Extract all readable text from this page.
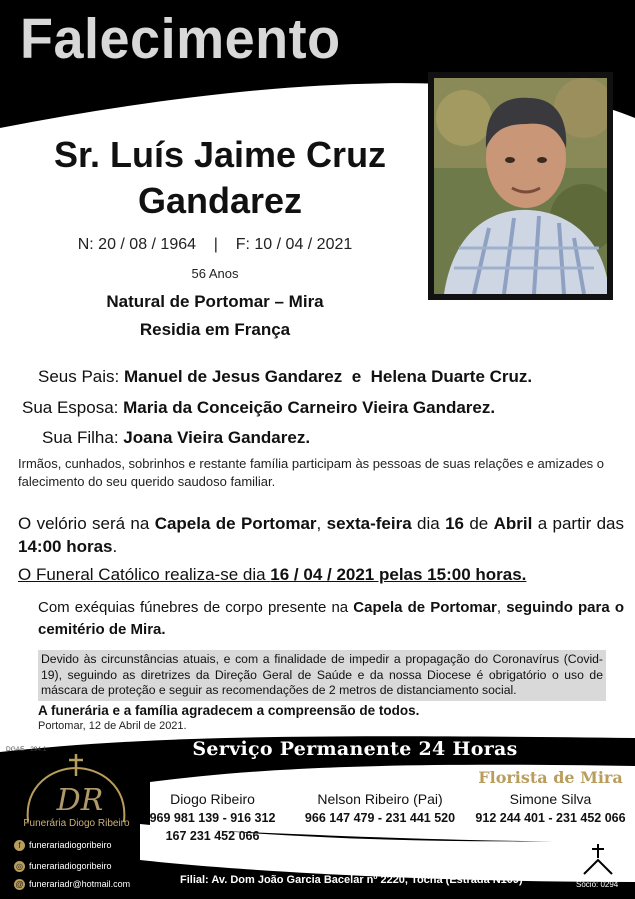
Falecimento
Sr. Luís Jaime Cruz Gandarez
N: 20 / 08 / 1964    |    F: 10 / 04 / 2021
56 Anos
Natural de Portomar – Mira
Residia em França
Seus Pais: Manuel de Jesus Gandarez  e  Helena Duarte Cruz.
Sua Esposa: Maria da Conceição Carneiro Vieira Gandarez.
Sua Filha: Joana Vieira Gandarez.
Irmãos, cunhados, sobrinhos e restante família participam às pessoas de suas relações e amizades o falecimento do seu querido saudoso familiar.
O velório será na Capela de Portomar, sexta-feira dia 16 de Abril a partir das 14:00 horas.
O Funeral Católico realiza-se dia 16 / 04 / 2021 pelas 15:00 horas.
Com exéquias fúnebres de corpo presente na Capela de Portomar, seguindo para o cemitério de Mira.
Devido às circunstâncias atuais, e com a finalidade de impedir a propagação do Coronavírus (Covid-19), seguindo as diretrizes da Direção Geral de Saúde e da nossa Diocese é obrigatório o uso de máscara de proteção e seguir as recomendações de 2 metros de distanciamento social.
A funerária e a família agradecem a compreensão de todos.
Portomar, 12 de Abril de 2021.
DGAE - 294.1	Serviço Permanente 24 Horas
DR
Funerária Diogo Ribeiro
Diogo Ribeiro
969 981 139 - 916 312 167 231 452 066
Nelson Ribeiro (Pai)
966 147 479 - 231 441 520
Florista de Mira
Simone Silva
912 244 401 - 231 452 066
f funerariadiogoribeiro
◎ funerariadiogoribeiro
@ funerariadr@hotmail.com
Sede: Praceta Poeta Francisco Bingre nº15, Mira (Junto ao Cemitério)
Filial: Av. Dom João Garcia Bacelar nº 2220, Tocha (Estrada N109)	Sócio: 0294
